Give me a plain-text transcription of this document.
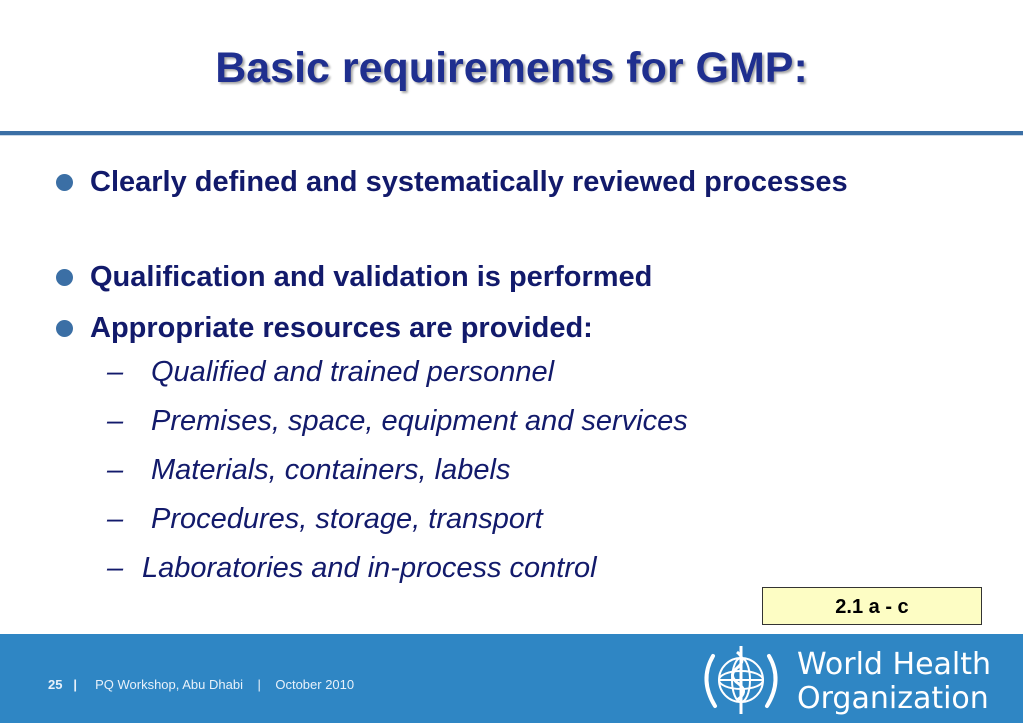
Basic requirements for GMP:
Clearly defined and systematically reviewed processes
Qualification and validation is performed
Appropriate resources are provided:
– Qualified and trained personnel
– Premises, space, equipment and services
– Materials, containers, labels
– Procedures, storage, transport
– Laboratories and in-process control
2.1 a - c
25 | PQ Workshop, Abu Dhabi | October 2010
World Health
Organization
